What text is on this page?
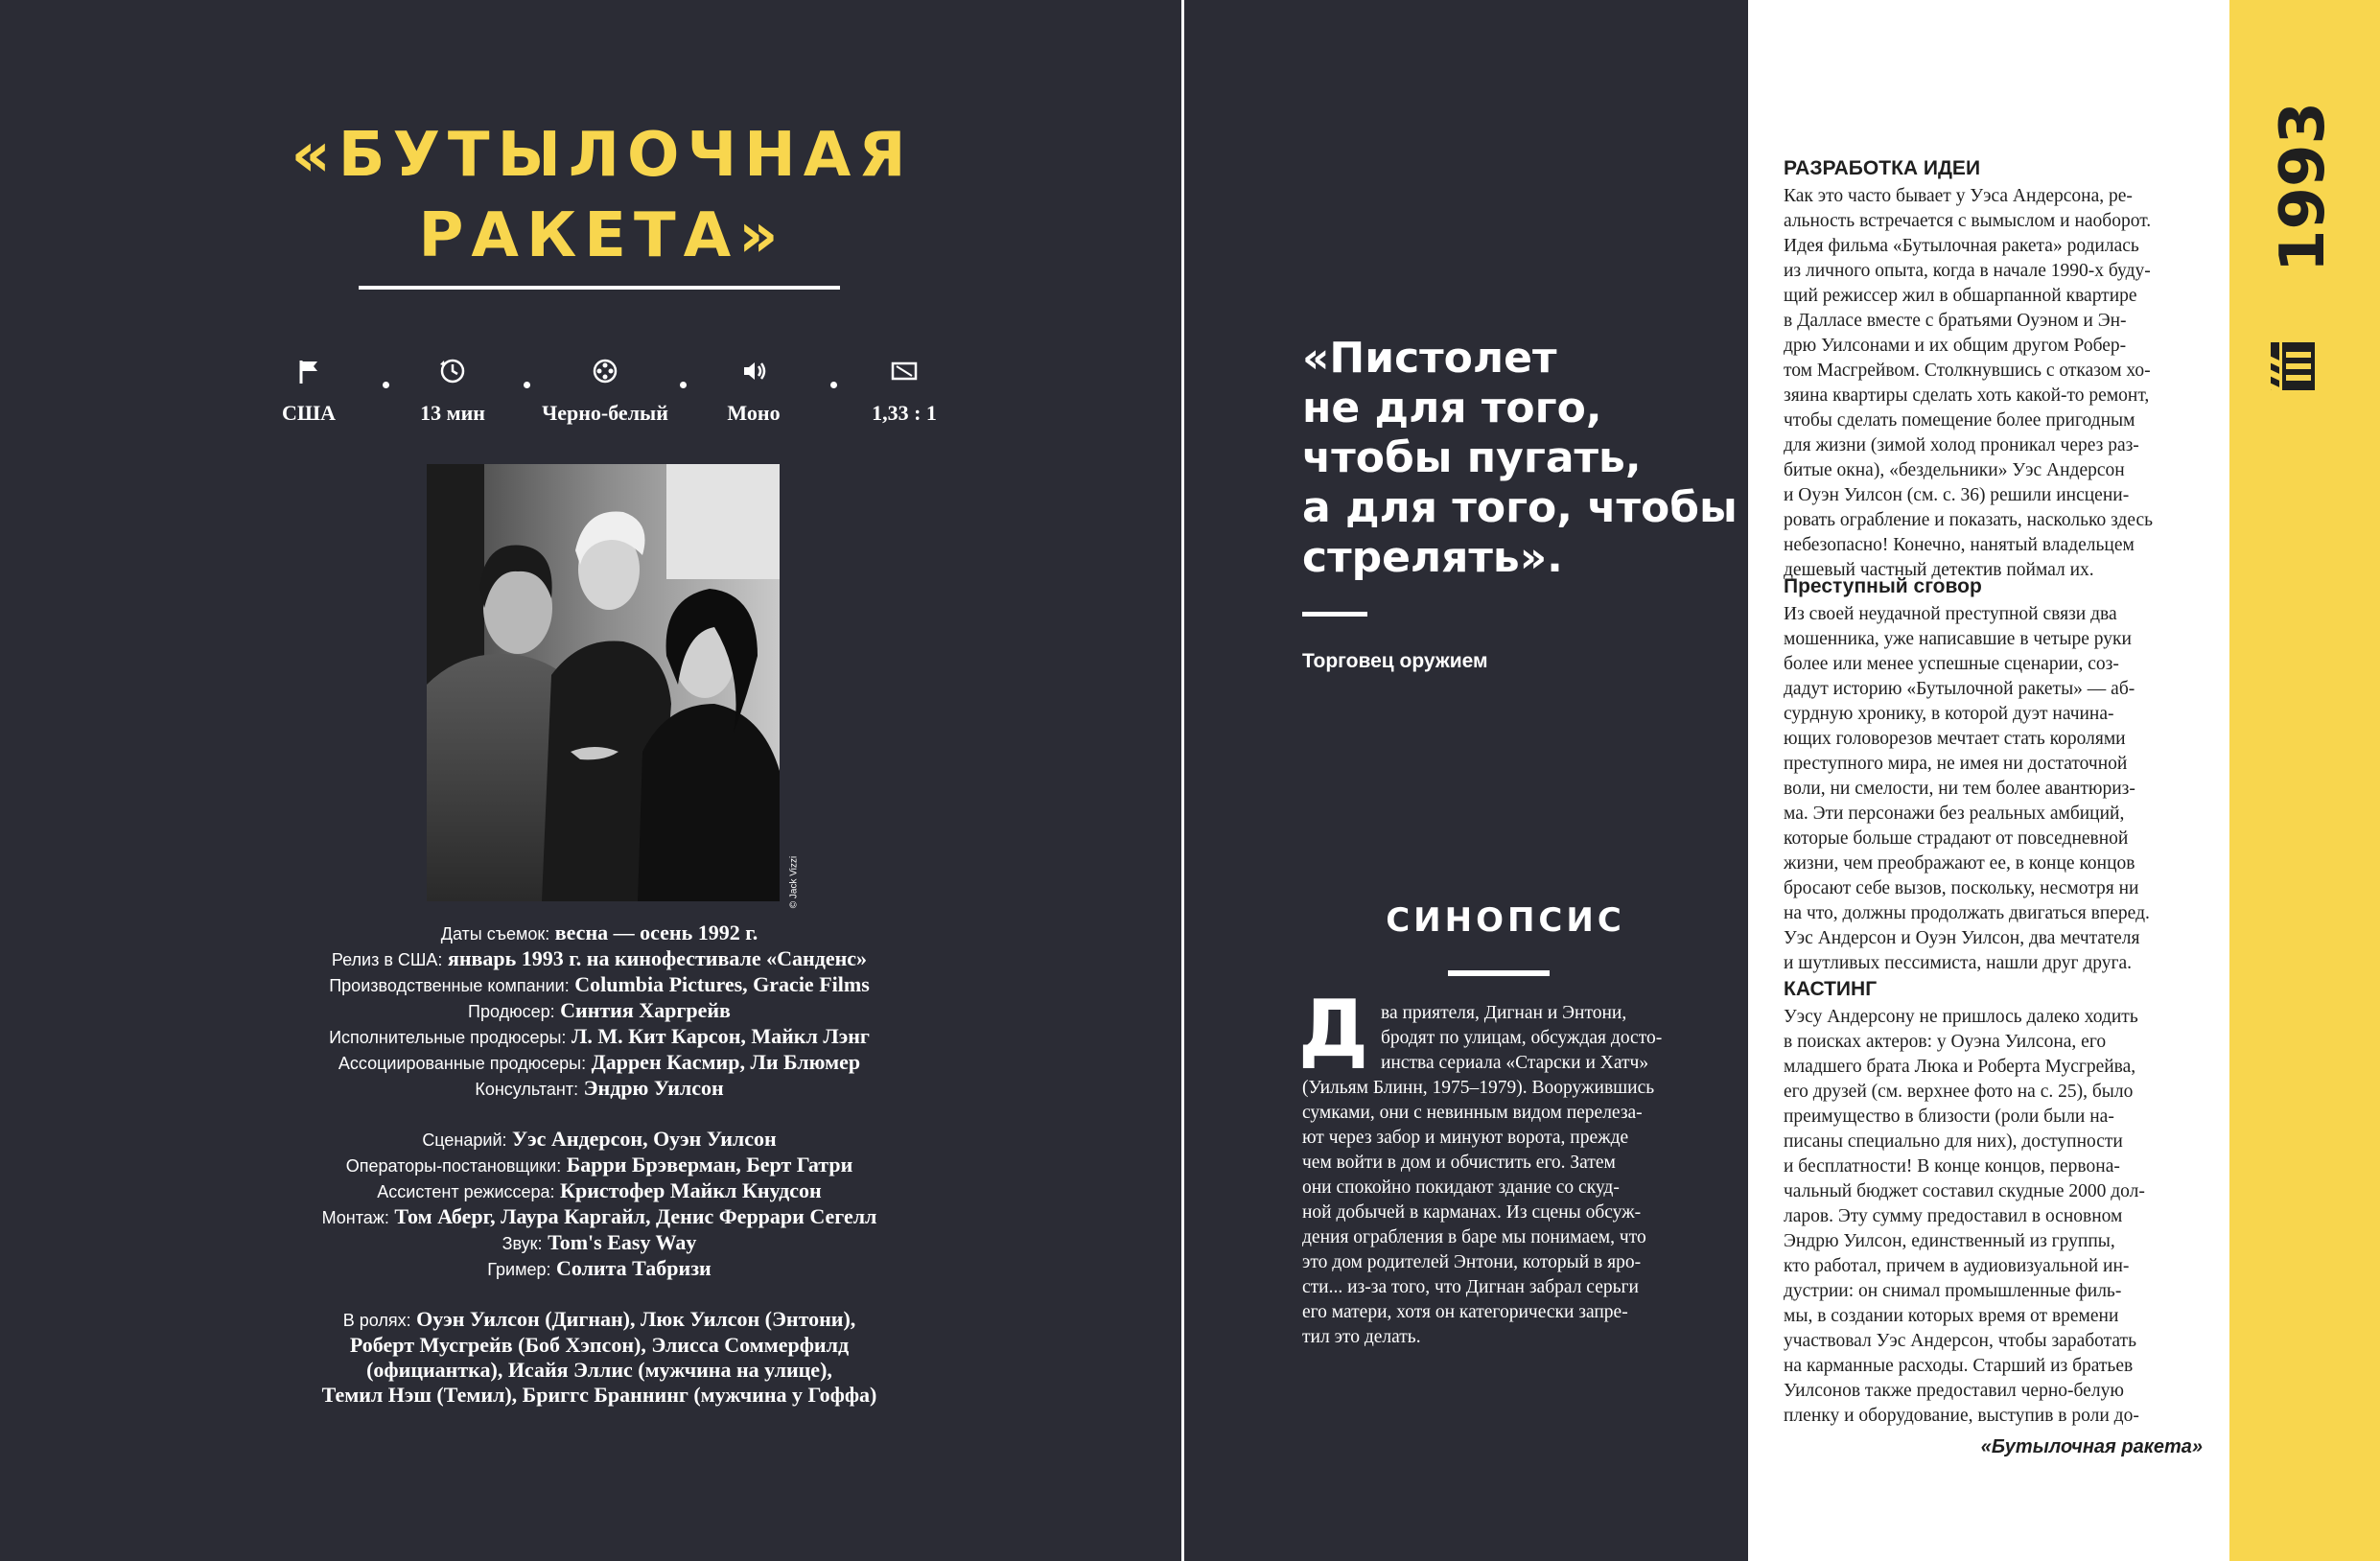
«БУТЫЛОЧНАЯ
РАКЕТА»
США	13 мин	Черно-белый	Моно	1,33 : 1
© Jack Vizzi
Даты съемок: весна — осень 1992 г.
Релиз в США: январь 1993 г. на кинофестивале «Санденс»
Производственные компании: Columbia Pictures, Gracie Films
Продюсер: Синтия Харгрейв
Исполнительные продюсеры: Л. М. Кит Карсон, Майкл Лэнг
Ассоциированные продюсеры: Даррен Касмир, Ли Блюмер
Консультант: Эндрю Уилсон
Сценарий: Уэс Андерсон, Оуэн Уилсон
Операторы-постановщики: Барри Брэверман, Берт Гатри
Ассистент режиссера: Кристофер Майкл Кнудсон
Монтаж: Том Аберг, Лаура Каргайл, Денис Феррари Сегелл
Звук: Tom's Easy Way
Гример: Солита Табризи
В ролях: Оуэн Уилсон (Дигнан), Люк Уилсон (Энтони),
Роберт Мусгрейв (Боб Хэпсон), Элисса Соммерфилд
(официантка), Исайя Эллис (мужчина на улице),
Темил Нэш (Темил), Бриггс Браннинг (мужчина у Гоффа)
«Пистолет
не для того,
чтобы пугать,
а для того, чтобы
стрелять».
Торговец оружием
СИНОПСИС
Д ва приятеля, Дигнан и Энтони,
бродят по улицам, обсуждая досто-
инства сериала «Старски и Хатч»
(Уильям Блинн, 1975–1979). Вооружившись
сумками, они с невинным видом перелеза-
ют через забор и минуют ворота, прежде
чем войти в дом и обчистить его. Затем
они спокойно покидают здание со скуд-
ной добычей в карманах. Из сцены обсуж-
дения ограбления в баре мы понимаем, что
это дом родителей Энтони, который в яро-
сти... из-за того, что Дигнан забрал серьги
его матери, хотя он категорически запре-
тил это делать.

РАЗРАБОТКА ИДЕИ

Как это часто бывает у Уэса Андерсона, ре-
альность встречается с вымыслом и наоборот.
Идея фильма «Бутылочная ракета» родилась
из личного опыта, когда в начале 1990-х буду-
щий режиссер жил в обшарпанной квартире
в Далласе вместе с братьями Оуэном и Эн-
дрю Уилсонами и их общим другом Робер-
том Масгрейвом. Столкнувшись с отказом хо-
зяина квартиры сделать хоть какой-то ремонт,
чтобы сделать помещение более пригодным
для жизни (зимой холод проникал через раз-
битые окна), «бездельники» Уэс Андерсон
и Оуэн Уилсон (см. с. 36) решили инсцени-
ровать ограбление и показать, насколько здесь
небезопасно! Конечно, нанятый владельцем
дешевый частный детектив поймал их.

Преступный сговор

Из своей неудачной преступной связи два
мошенника, уже написавшие в четыре руки
более или менее успешные сценарии, соз-
дадут историю «Бутылочной ракеты» — аб-
сурдную хронику, в которой дуэт начина-
ющих головорезов мечтает стать королями
преступного мира, не имея ни достаточной
воли, ни смелости, ни тем более авантюриз-
ма. Эти персонажи без реальных амбиций,
которые больше страдают от повседневной
жизни, чем преображают ее, в конце концов
бросают себе вызов, поскольку, несмотря ни
на что, должны продолжать двигаться вперед.
Уэс Андерсон и Оуэн Уилсон, два мечтателя
и шутливых пессимиста, нашли друг друга.

КАСТИНГ

Уэсу Андерсону не пришлось далеко ходить
в поисках актеров: у Оуэна Уилсона, его
младшего брата Люка и Роберта Мусгрейва,
его друзей (см. верхнее фото на с. 25), было
преимущество в близости (роли были на-
писаны специально для них), доступности
и бесплатности! В конце концов, первона-
чальный бюджет составил скудные 2000 дол-
ларов. Эту сумму предоставил в основном
Эндрю Уилсон, единственный из группы,
кто работал, причем в аудиовизуальной ин-
дустрии: он снимал промышленные филь-
мы, в создании которых время от времени
участвовал Уэс Андерсон, чтобы заработать
на карманные расходы. Старший из братьев
Уилсонов также предоставил черно-белую
пленку и оборудование, выступив в роли до-

«Бутылочная ракета»
1993
